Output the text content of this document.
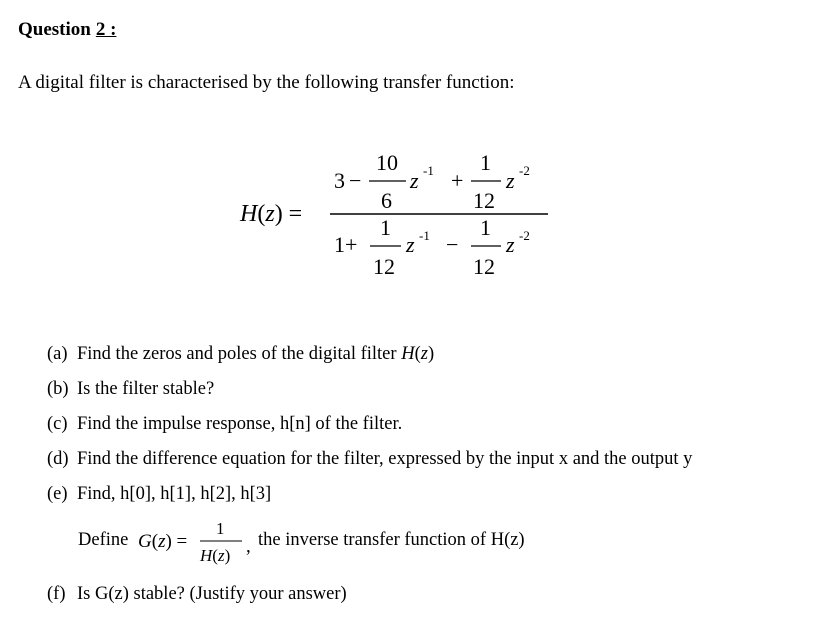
Question 2 :
A digital filter is characterised by the following transfer function:
H(z) =
3 −
10
6
z -1 +
1
12
z -2
1 +
1
12
z -1 −
1
12
z -2
(a) Find the zeros and poles of the digital filter H(z)
(b) Is the filter stable?
(c) Find the impulse response, h[n] of the filter.
(d) Find the difference equation for the filter, expressed by the input x and the output y
(e) Find, h[0], h[1], h[2], h[3]
Define G(z) =
1
H(z) , the inverse transfer function of H(z)
(f) Is G(z) stable? (Justify your answer)
